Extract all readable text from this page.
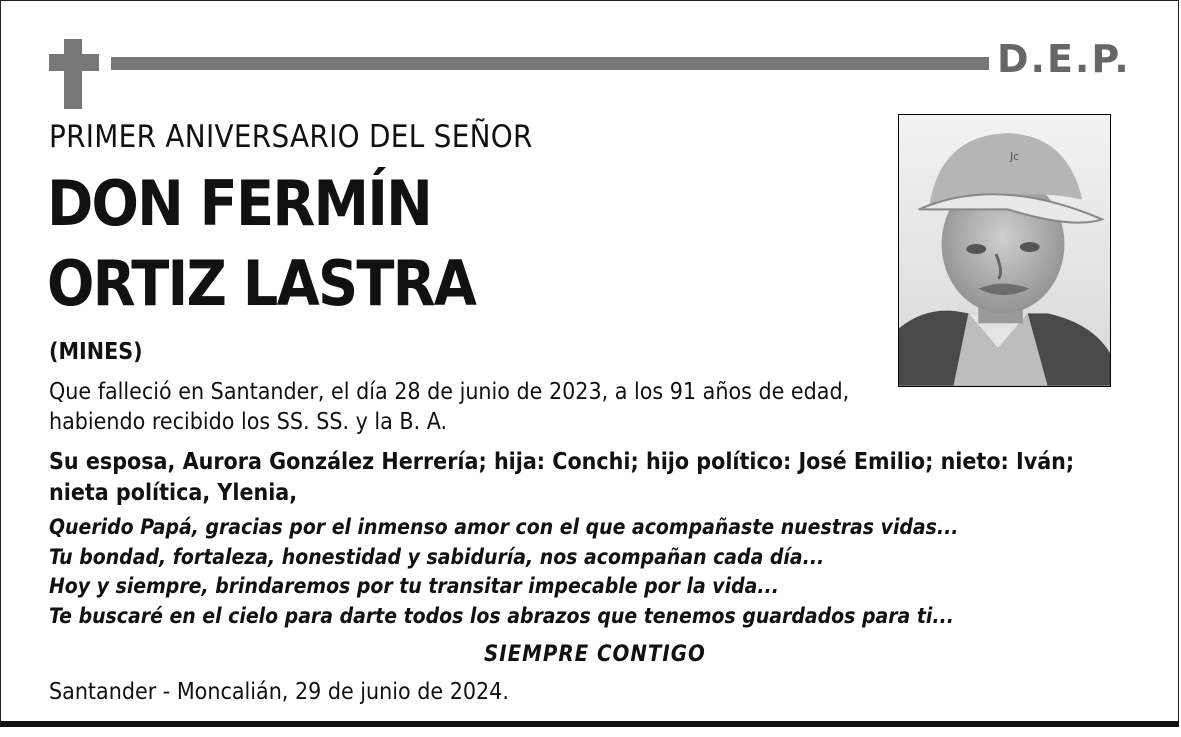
D.E.P.
PRIMER ANIVERSARIO DEL SEÑOR
DON FERMÍN
ORTIZ LASTRA
(MINES)
Que falleció en Santander, el día 28 de junio de 2023, a los 91 años de edad,
habiendo recibido los SS. SS. y la B. A.
Su esposa, Aurora González Herrería; hija: Conchi; hijo político: José Emilio; nieto: Iván;
nieta política, Ylenia,
Querido Papá, gracias por el inmenso amor con el que acompañaste nuestras vidas...
Tu bondad, fortaleza, honestidad y sabiduría, nos acompañan cada día...
Hoy y siempre, brindaremos por tu transitar impecable por la vida...
Te buscaré en el cielo para darte todos los abrazos que tenemos guardados para ti...
SIEMPRE CONTIGO
Santander - Moncalián, 29 de junio de 2024.
Jc
